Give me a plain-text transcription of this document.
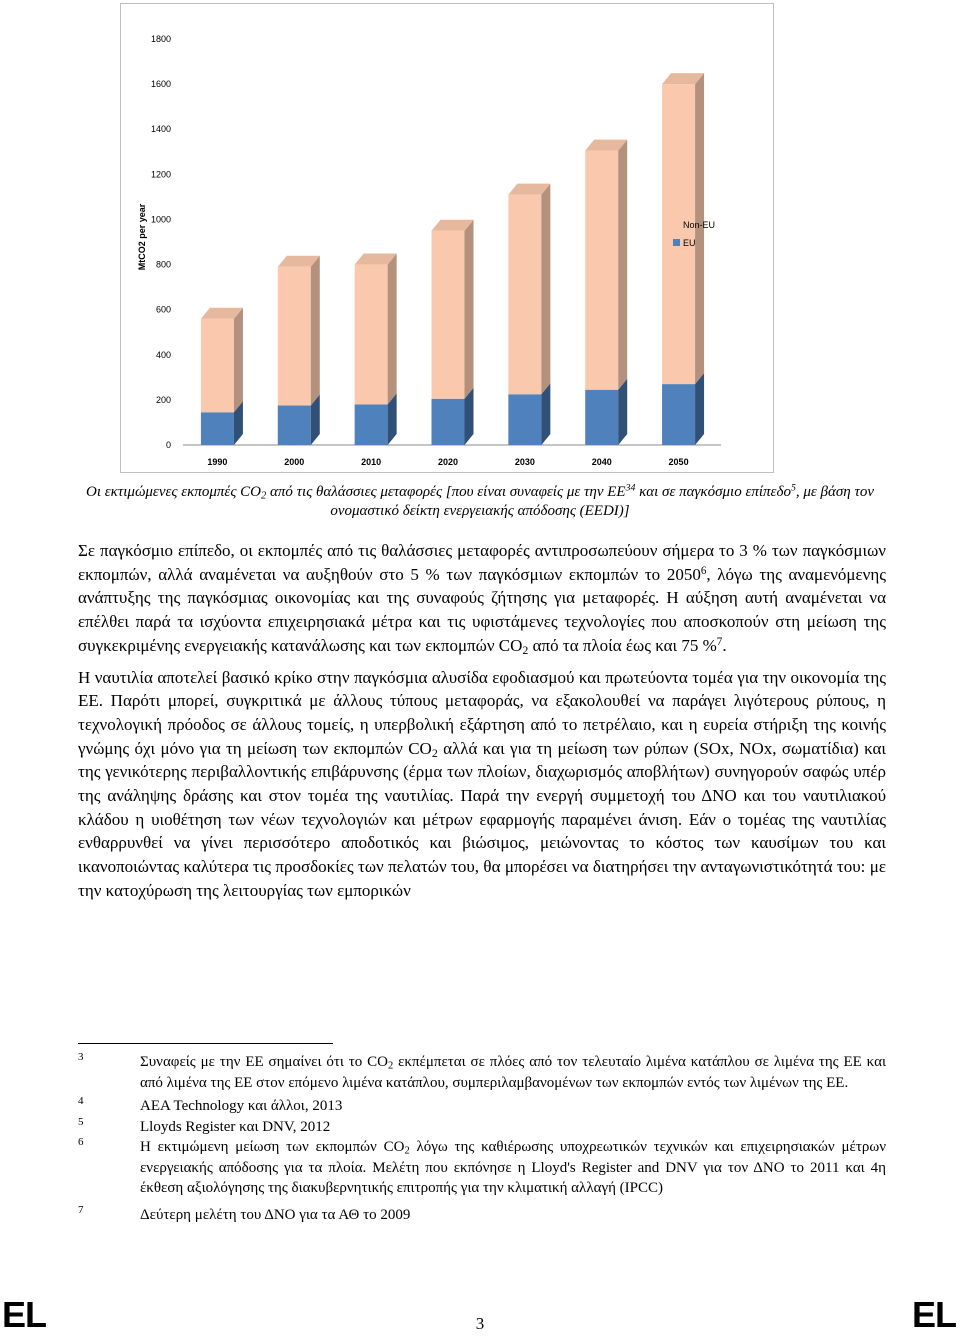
0
200
400
600
800
1000
1200
1400
1600
1800
MtCO2 per year
1990	2000	2010	2020	2030	2040	2050
Non-EU
EU
Οι εκτιμώμενες εκπομπές $CO_2$ από τις θαλάσσιες μεταφορές [που είναι συναφείς με την ΕΕ$^{34}$ και σε παγκόσμιο επίπεδο$^5$, με βάση τον ονομαστικό δείκτη ενεργειακής απόδοσης (EEDI)]

Σε παγκόσμιο επίπεδο, οι εκπομπές από τις θαλάσσιες μεταφορές αντιπροσωπεύουν σήμερα το 3 % των παγκόσμιων εκπομπών, αλλά αναμένεται να αυξηθούν στο 5 % των παγκόσμιων εκπομπών το 2050$^6$, λόγω της αναμενόμενης ανάπτυξης της παγκόσμιας οικονομίας και της συναφούς ζήτησης για μεταφορές. Η αύξηση αυτή αναμένεται να επέλθει παρά τα ισχύοντα επιχειρησιακά μέτρα και τις υφιστάμενες τεχνολογίες που αποσκοπούν στη μείωση της συγκεκριμένης ενεργειακής κατανάλωσης και των εκπομπών $CO_2$ από τα πλοία έως και 75 %$^7$.

Η ναυτιλία αποτελεί βασικό κρίκο στην παγκόσμια αλυσίδα εφοδιασμού και πρωτεύοντα τομέα για την οικονομία της ΕΕ. Παρότι μπορεί, συγκριτικά με άλλους τύπους μεταφοράς, να εξακολουθεί να παράγει λιγότερους ρύπους, η τεχνολογική πρόοδος σε άλλους τομείς, η υπερβολική εξάρτηση από το πετρέλαιο, και η ευρεία στήριξη της κοινής γνώμης όχι μόνο για τη μείωση των εκπομπών $CO_2$ αλλά και για τη μείωση των ρύπων (SOx, NOx, σωματίδια) και της γενικότερης περιβαλλοντικής επιβάρυνσης (έρμα των πλοίων, διαχωρισμός αποβλήτων) συνηγορούν σαφώς υπέρ της ανάληψης δράσης και στον τομέα της ναυτιλίας. Παρά την ενεργή συμμετοχή του ΔΝΟ και του ναυτιλιακού κλάδου η υιοθέτηση των νέων τεχνολογιών και μέτρων εφαρμογής παραμένει άνιση. Εάν ο τομέας της ναυτιλίας ενθαρρυνθεί να γίνει περισσότερο αποδοτικός και βιώσιμος, μειώνοντας το κόστος των καυσίμων του και ικανοποιώντας καλύτερα τις προσδοκίες των πελατών του, θα μπορέσει να διατηρήσει την ανταγωνιστικότητά του: με την κατοχύρωση της λειτουργίας των εμπορικών

3	Συναφείς με την ΕΕ σημαίνει ότι το $CO_2$ εκπέμπεται σε πλόες από τον τελευταίο λιμένα κατάπλου σε λιμένα της ΕΕ και από λιμένα της ΕΕ στον επόμενο λιμένα κατάπλου, συμπεριλαμβανομένων των εκπομπών εντός των λιμένων της ΕΕ.
4	AEA Technology και άλλοι, 2013
5	Lloyds Register και DNV, 2012
6	Η εκτιμώμενη μείωση των εκπομπών $CO_2$ λόγω της καθιέρωσης υποχρεωτικών τεχνικών και επιχειρησιακών μέτρων ενεργειακής απόδοσης για τα πλοία. Μελέτη που εκπόνησε η Lloyd's Register and DNV για τον ΔΝΟ το 2011 και 4η έκθεση αξιολόγησης της διακυβερνητικής επιτροπής για την κλιματική αλλαγή (IPCC)
7	Δεύτερη μελέτη του ΔΝΟ για τα ΑΘ το 2009
EL	3	EL
